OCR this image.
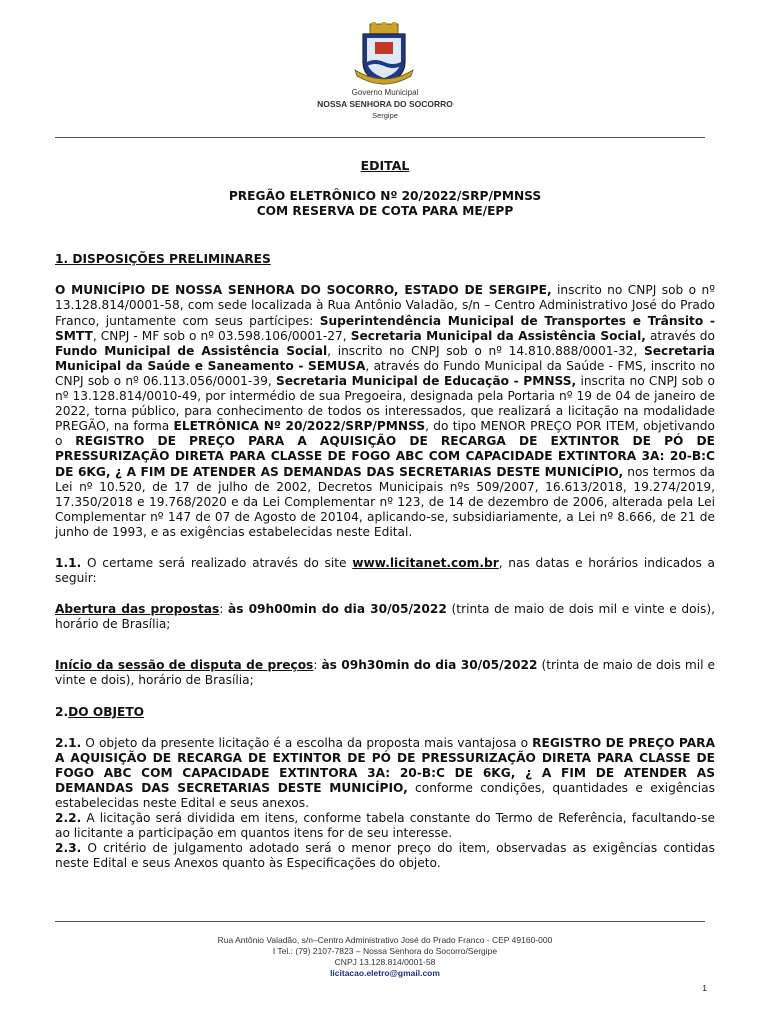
Governo Municipal
NOSSA SENHORA DO SOCORRO
Sergipe
EDITAL
PREGÃO ELETRÔNICO Nº 20/2022/SRP/PMNSS
COM RESERVA DE COTA PARA ME/EPP
1. DISPOSIÇÕES PRELIMINARES

O MUNICÍPIO DE NOSSA SENHORA DO SOCORRO, ESTADO DE SERGIPE, inscrito no CNPJ sob o nº 13.128.814/0001-58, com sede localizada à Rua Antônio Valadão, s/n – Centro Administrativo José do Prado Franco, juntamente com seus partícipes: Superintendência Municipal de Transportes e Trânsito - SMTT, CNPJ - MF sob o nº 03.598.106/0001-27, Secretaria Municipal da Assistência Social, através do Fundo Municipal de Assistência Social, inscrito no CNPJ sob o nº 14.810.888/0001-32, Secretaria Municipal da Saúde e Saneamento - SEMUSA, através do Fundo Municipal da Saúde - FMS, inscrito no CNPJ sob o nº 06.113.056/0001-39, Secretaria Municipal de Educação - PMNSS, inscrita no CNPJ sob o nº 13.128.814/0010-49, por intermédio de sua Pregoeira, designada pela Portaria nº 19 de 04 de janeiro de 2022, torna público, para conhecimento de todos os interessados, que realizará a licitação na modalidade PREGÃO, na forma ELETRÔNICA Nº 20/2022/SRP/PMNSS, do tipo MENOR PREÇO POR ITEM, objetivando o REGISTRO DE PREÇO PARA A AQUISIÇÃO DE RECARGA DE EXTINTOR DE PÓ DE PRESSURIZAÇÃO DIRETA PARA CLASSE DE FOGO ABC COM CAPACIDADE EXTINTORA 3A: 20-B:C DE 6KG, ¿ A FIM DE ATENDER AS DEMANDAS DAS SECRETARIAS DESTE MUNICÍPIO, nos termos da Lei nº 10.520, de 17 de julho de 2002, Decretos Municipais nºs 509/2007, 16.613/2018, 19.274/2019, 17.350/2018 e 19.768/2020 e da Lei Complementar nº 123, de 14 de dezembro de 2006, alterada pela Lei Complementar nº 147 de 07 de Agosto de 20104, aplicando-se, subsidiariamente, a Lei nº 8.666, de 21 de junho de 1993, e as exigências estabelecidas neste Edital.

1.1. O certame será realizado através do site www.licitanet.com.br, nas datas e horários indicados a seguir:

Abertura das propostas: às 09h00min do dia 30/05/2022 (trinta de maio de dois mil e vinte e dois), horário de Brasília;

Início da sessão de disputa de preços: às 09h30min do dia 30/05/2022 (trinta de maio de dois mil e vinte e dois), horário de Brasília;

2.DO OBJETO

2.1. O objeto da presente licitação é a escolha da proposta mais vantajosa o REGISTRO DE PREÇO PARA A AQUISIÇÃO DE RECARGA DE EXTINTOR DE PÓ DE PRESSURIZAÇÃO DIRETA PARA CLASSE DE FOGO ABC COM CAPACIDADE EXTINTORA 3A: 20-B:C DE 6KG, ¿ A FIM DE ATENDER AS DEMANDAS DAS SECRETARIAS DESTE MUNICÍPIO, conforme condições, quantidades e exigências estabelecidas neste Edital e seus anexos.

2.2. A licitação será dividida em itens, conforme tabela constante do Termo de Referência, facultando-se ao licitante a participação em quantos itens for de seu interesse.

2.3. O critério de julgamento adotado será o menor preço do item, observadas as exigências contidas neste Edital e seus Anexos quanto às Especificações do objeto.

Rua Antônio Valadão, s/n–Centro Administrativo José do Prado Franco - CEP 49160-000
I Tel.: (79) 2107-7823 – Nossa Senhora do Socorro/Sergipe
CNPJ 13.128.814/0001-58
licitacao.eletro@gmail.com
1
